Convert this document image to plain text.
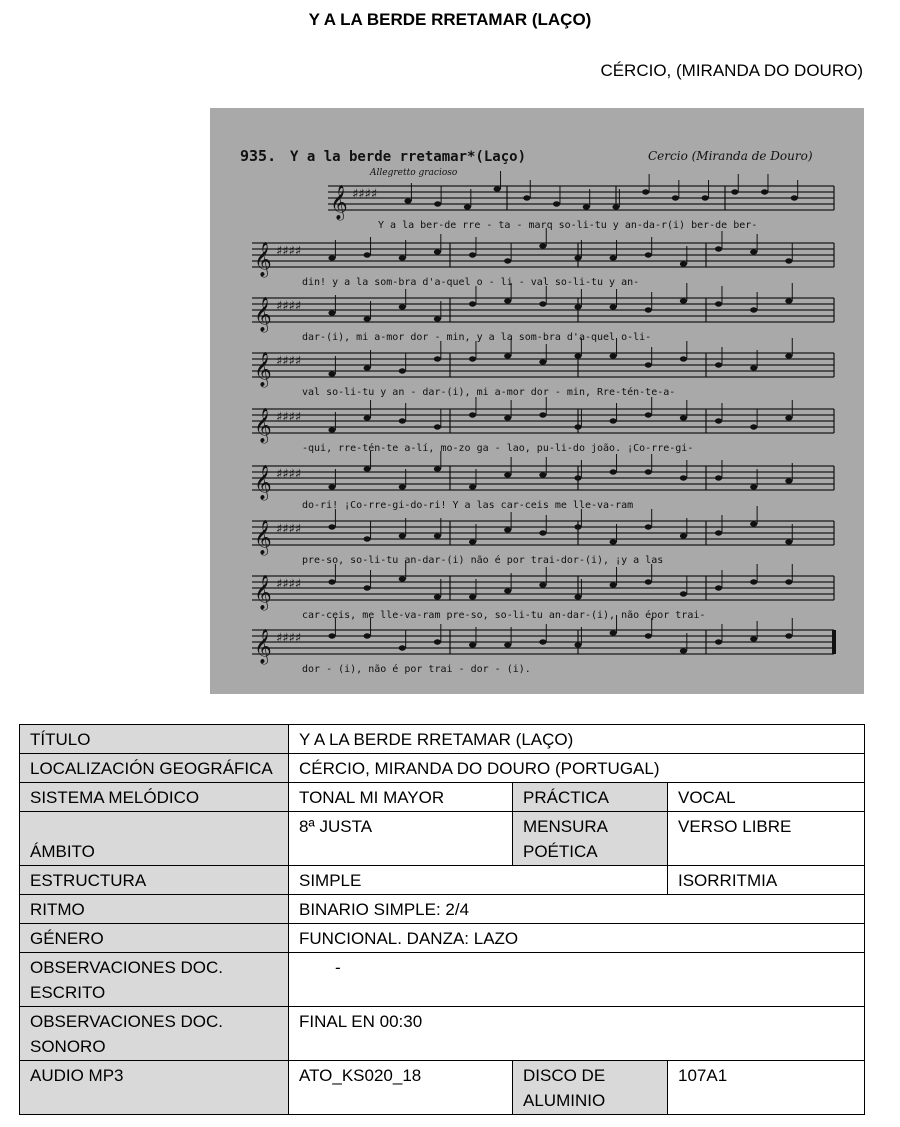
Y A LA BERDE RRETAMAR (LAÇO)
CÉRCIO, (MIRANDA DO DOURO)
935. Y a la berde rretamar*(Laço)
Allegretto gracioso
Cercio (Miranda de Douro)
𝄞 ♯♯♯♯
Y a la ber-de rre - ta - marq so-li-tu y an-da-r(i) ber-de ber-
𝄞 ♯♯♯♯
din! y a la som-bra d'a-quel o - li - val so-li-tu y an-
𝄞 ♯♯♯♯
dar-(i), mi a-mor dor - min, y a la som-bra d'a-quel o-li-
𝄞 ♯♯♯♯
val so-li-tu y an - dar-(i), mi a-mor dor - min, Rre-tén-te-a-
𝄞 ♯♯♯♯
-qui, rre-tén-te a-lí, mo-zo ga - lao, pu-li-do joão. ¡Co-rre-gi-
𝄞 ♯♯♯♯
do-ri! ¡Co-rre-gi-do-ri! Y a las car-ceis me lle-va-ram
𝄞 ♯♯♯♯
pre-so, so-li-tu an-dar-(i) não é por trai-dor-(i), ¡y a las
𝄞 ♯♯♯♯
car-ceis, me lle-va-ram pre-so, so-li-tu an-dar-(i), não épor trai-
𝄞 ♯♯♯♯
dor - (i), não é por trai - dor - (i).
TÍTULO	Y A LA BERDE RRETAMAR (LAÇO)		
LOCALIZACIÓN GEOGRÁFICA	CÉRCIO, MIRANDA DO DOURO (PORTUGAL)		
SISTEMA MELÓDICO	TONAL MI MAYOR	PRÁCTICA	VOCAL
ÁMBITO	8ª JUSTA	MENSURA POÉTICA	VERSO LIBRE
ESTRUCTURA	SIMPLE		ISORRITMIA
RITMO	BINARIO SIMPLE: 2/4		
GÉNERO	FUNCIONAL. DANZA: LAZO		
OBSERVACIONES DOC. ESCRITO	-		
OBSERVACIONES DOC. SONORO	FINAL EN 00:30		
AUDIO MP3	ATO_KS020_18	DISCO DE ALUMINIO	107A1
